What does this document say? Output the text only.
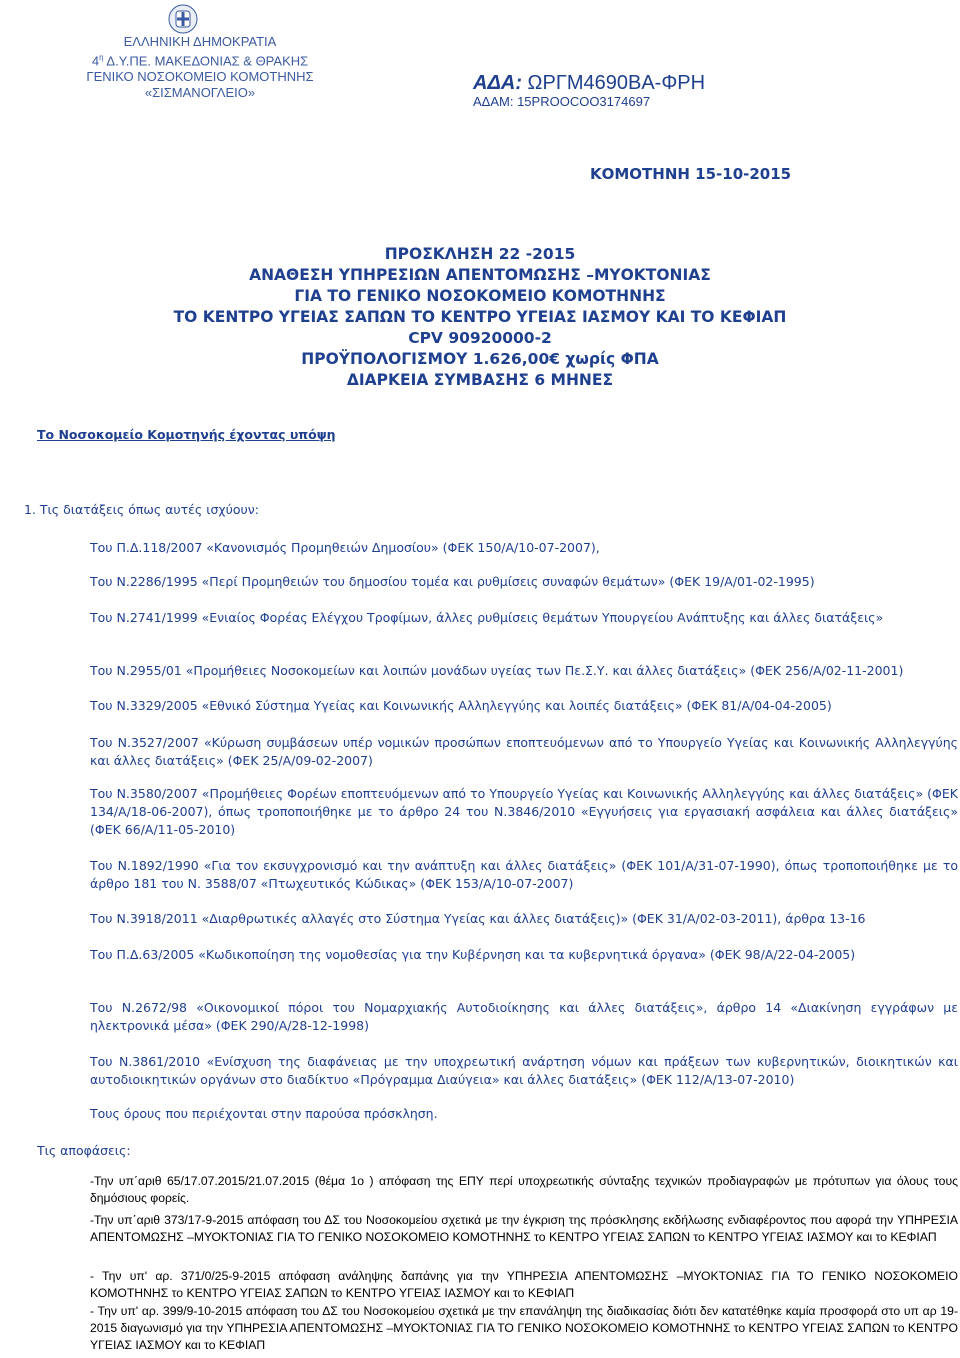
ΕΛΛΗΝΙΚΗ ΔΗΜΟΚΡΑΤΙΑ
$4^\eta$ Δ.Υ.ΠΕ. ΜΑΚΕΔΟΝΙΑΣ & ΘΡΑΚΗΣ
ΓΕΝΙΚΟ ΝΟΣΟΚΟΜΕΙΟ ΚΟΜΟΤΗΝΗΣ
«ΣΙΣΜΑΝΟΓΛΕΙΟ»	ΑΔΑ: ΩΡΓΜ4690ΒΑ-ΦΡΗ
ΑΔΑΜ: 15PROOCOO3174697
ΚΟΜΟΤΗΝΗ 15-10-2015
ΠΡΟΣΚΛΗΣΗ 22 -2015
ΑΝΑΘΕΣΗ ΥΠΗΡΕΣΙΩΝ ΑΠΕΝΤΟΜΩΣΗΣ –ΜΥΟΚΤΟΝΙΑΣ
ΓΙΑ ΤΟ ΓΕΝΙΚΟ ΝΟΣΟΚΟΜΕΙΟ ΚΟΜΟΤΗΝΗΣ
ΤΟ ΚΕΝΤΡΟ ΥΓΕΙΑΣ ΣΑΠΩΝ ΤΟ ΚΕΝΤΡΟ ΥΓΕΙΑΣ ΙΑΣΜΟΥ ΚΑΙ ΤΟ ΚΕΦΙΑΠ
CPV 90920000-2
ΠΡΟΫΠΟΛΟΓΙΣΜΟΥ 1.626,00€ χωρίς ΦΠΑ
ΔΙΑΡΚΕΙΑ ΣΥΜΒΑΣΗΣ 6 ΜΗΝΕΣ
Το Νοσοκομείο Κομοτηνής έχοντας υπόψη
1. Τις διατάξεις όπως αυτές ισχύουν:
Του Π.Δ.118/2007 «Κανονισμός Προμηθειών Δημοσίου» (ΦΕΚ 150/Α/10-07-2007),
Του Ν.2286/1995 «Περί Προμηθειών του δημοσίου τομέα και ρυθμίσεις συναφών θεμάτων» (ΦΕΚ 19/Α/01-02-1995)
Του Ν.2741/1999 «Ενιαίος Φορέας Ελέγχου Τροφίμων, άλλες ρυθμίσεις θεμάτων Υπουργείου Ανάπτυξης και άλλες διατάξεις»
Του Ν.2955/01 «Προμήθειες Νοσοκομείων και λοιπών μονάδων υγείας των Πε.Σ.Υ. και άλλες διατάξεις» (ΦΕΚ 256/Α/02-11-2001)
Του Ν.3329/2005 «Εθνικό Σύστημα Υγείας και Κοινωνικής Αλληλεγγύης και λοιπές διατάξεις» (ΦΕΚ 81/Α/04-04-2005)
Του Ν.3527/2007 «Κύρωση συμβάσεων υπέρ νομικών προσώπων εποπτευόμενων από το Υπουργείο Υγείας και Κοινωνικής Αλληλεγγύης και άλλες διατάξεις» (ΦΕΚ 25/Α/09-02-2007)
Του Ν.3580/2007 «Προμήθειες Φορέων εποπτευόμενων από το Υπουργείο Υγείας και Κοινωνικής Αλληλεγγύης και άλλες διατάξεις» (ΦΕΚ 134/Α/18-06-2007), όπως τροποποιήθηκε με το άρθρο 24 του Ν.3846/2010 «Εγγυήσεις για εργασιακή ασφάλεια και άλλες διατάξεις» (ΦΕΚ 66/Α/11-05-2010)
Του Ν.1892/1990 «Για τον εκσυγχρονισμό και την ανάπτυξη και άλλες διατάξεις» (ΦΕΚ 101/Α/31-07-1990), όπως τροποποιήθηκε με το άρθρο 181 του Ν. 3588/07 «Πτωχευτικός Κώδικας» (ΦΕΚ 153/Α/10-07-2007)
Του Ν.3918/2011 «Διαρθρωτικές αλλαγές στο Σύστημα Υγείας και άλλες διατάξεις)» (ΦΕΚ 31/Α/02-03-2011), άρθρα 13-16
Του Π.Δ.63/2005 «Κωδικοποίηση της νομοθεσίας για την Κυβέρνηση και τα κυβερνητικά όργανα» (ΦΕΚ 98/Α/22-04-2005)
Του Ν.2672/98 «Οικονομικοί πόροι του Νομαρχιακής Αυτοδιοίκησης και άλλες διατάξεις», άρθρο 14 «Διακίνηση εγγράφων με ηλεκτρονικά μέσα» (ΦΕΚ 290/Α/28-12-1998)
Του Ν.3861/2010 «Ενίσχυση της διαφάνειας με την υποχρεωτική ανάρτηση νόμων και πράξεων των κυβερνητικών, διοικητικών και αυτοδιοικητικών οργάνων στο διαδίκτυο «Πρόγραμμα Διαύγεια» και άλλες διατάξεις» (ΦΕΚ 112/Α/13-07-2010)
Τους όρους που περιέχονται στην παρούσα πρόσκληση.
Τις αποφάσεις:
-Την υπ΄αριθ 65/17.07.2015/21.07.2015 (θέμα 1ο ) απόφαση της ΕΠΥ περί υποχρεωτικής σύνταξης τεχνικών προδιαγραφών με πρότυπων για όλους τους δημόσιους φορείς.
-Την υπ΄αριθ 373/17-9-2015 απόφαση του ΔΣ του Νοσοκομείου σχετικά με την έγκριση της πρόσκλησης εκδήλωσης ενδιαφέροντος που αφορά την ΥΠΗΡΕΣΙΑ ΑΠΕΝΤΟΜΩΣΗΣ –ΜΥΟΚΤΟΝΙΑΣ ΓΙΑ ΤΟ ΓΕΝΙΚΟ ΝΟΣΟΚΟΜΕΙΟ ΚΟΜΟΤΗΝΗΣ το ΚΕΝΤΡΟ ΥΓΕΙΑΣ ΣΑΠΩΝ το ΚΕΝΤΡΟ ΥΓΕΙΑΣ ΙΑΣΜΟΥ και το ΚΕΦΙΑΠ
- Την υπ' αρ. 371/0/25-9-2015 απόφαση ανάληψης δαπάνης για την ΥΠΗΡΕΣΙΑ ΑΠΕΝΤΟΜΩΣΗΣ –ΜΥΟΚΤΟΝΙΑΣ ΓΙΑ ΤΟ ΓΕΝΙΚΟ ΝΟΣΟΚΟΜΕΙΟ ΚΟΜΟΤΗΝΗΣ το ΚΕΝΤΡΟ ΥΓΕΙΑΣ ΣΑΠΩΝ το ΚΕΝΤΡΟ ΥΓΕΙΑΣ ΙΑΣΜΟΥ και το ΚΕΦΙΑΠ
- Την υπ' αρ. 399/9-10-2015 απόφαση του ΔΣ του Νοσοκομείου σχετικά με την επανάληψη της διαδικασίας διότι δεν κατατέθηκε καμία προσφορά στο υπ αρ 19-2015 διαγωνισμό για την ΥΠΗΡΕΣΙΑ ΑΠΕΝΤΟΜΩΣΗΣ –ΜΥΟΚΤΟΝΙΑΣ ΓΙΑ ΤΟ ΓΕΝΙΚΟ ΝΟΣΟΚΟΜΕΙΟ ΚΟΜΟΤΗΝΗΣ το ΚΕΝΤΡΟ ΥΓΕΙΑΣ ΣΑΠΩΝ το ΚΕΝΤΡΟ ΥΓΕΙΑΣ ΙΑΣΜΟΥ και το ΚΕΦΙΑΠ
